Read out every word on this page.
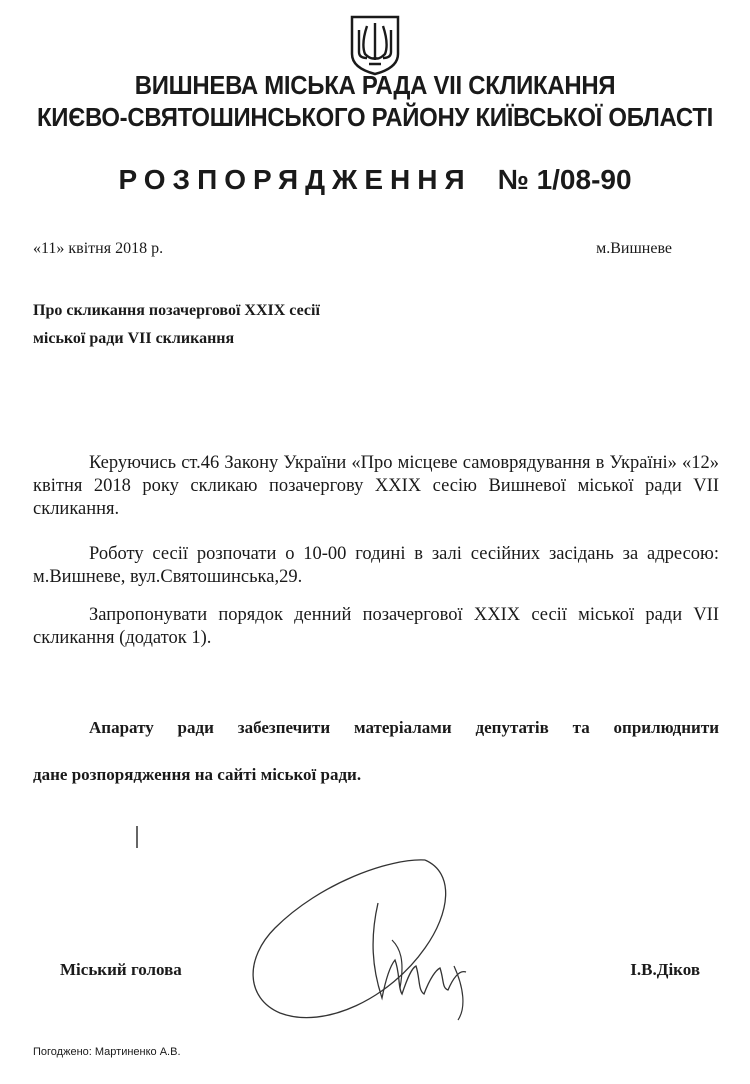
ВИШНЕВА МІСЬКА РАДА VII СКЛИКАННЯ
КИЄВО-СВЯТОШИНСЬКОГО РАЙОНУ КИЇВСЬКОЇ ОБЛАСТІ
РОЗПОРЯДЖЕННЯ № 1/08-90
«11» квітня 2018 р.	м.Вишневе
Про скликання позачергової XXIX сесії
міської ради VII скликання
Керуючись ст.46 Закону України «Про місцеве самоврядування в Україні» «12» квітня 2018 року скликаю позачергову XXIX сесію Вишневої міської ради VII скликання.
Роботу сесії розпочати о 10-00 годині в залі сесійних засідань за адресою: м.Вишневе, вул.Святошинська,29.
Запропонувати порядок денний позачергової XXIX сесії міської ради VII скликання (додаток 1).
Апарату ради забезпечити матеріалами депутатів та оприлюднити
дане розпорядження на сайті міської ради.
Міський голова	І.В.Діков
Погоджено: Мартиненко А.В.
